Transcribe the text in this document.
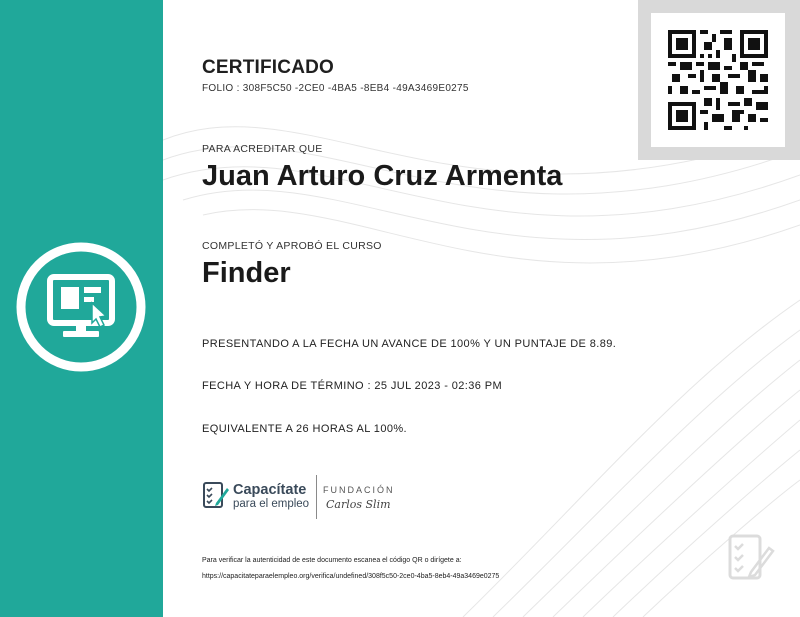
CERTIFICADO
FOLIO : 308F5C50 -2CE0 -4BA5 -8EB4 -49A3469E0275
PARA ACREDITAR QUE
Juan Arturo Cruz Armenta
COMPLETÓ Y APROBÓ EL CURSO
Finder
PRESENTANDO A LA FECHA UN AVANCE DE 100% Y UN PUNTAJE DE 8.89.
FECHA Y HORA DE TÉRMINO : 25 JUL 2023 - 02:36 PM
EQUIVALENTE A 26 HORAS AL 100%.
Capacítate
para el empleo
FUNDACIÓN
Carlos Slim
Para verificar la autenticidad de este documento escanea el código QR o dirígete a:
https://capacitateparaelempleo.org/verifica/undefined/308f5c50-2ce0-4ba5-8eb4-49a3469e0275
